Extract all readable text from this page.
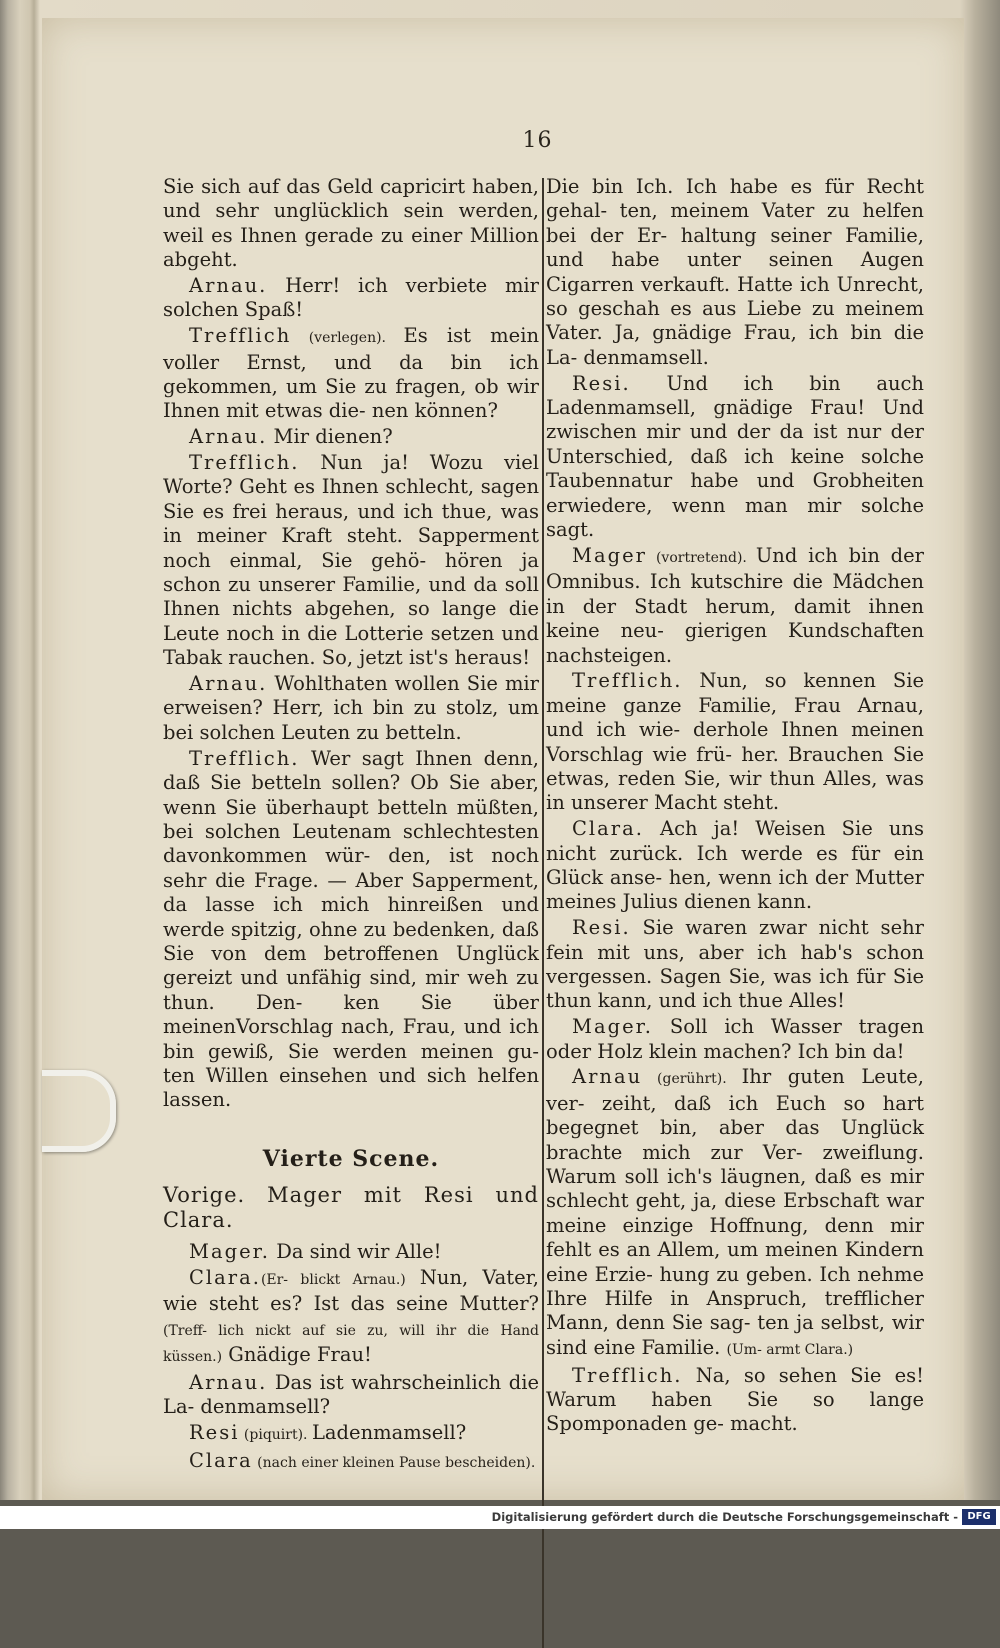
16

Sie sich auf das Geld capricirt haben, und sehr unglücklich sein werden, weil es Ihnen gerade zu einer Million abgeht.

Arnau. Herr! ich verbiete mir solchen Spaß!

Trefflich (verlegen). Es ist mein voller Ernst, und da bin ich gekommen, um Sie zu fragen, ob wir Ihnen mit etwas die- nen können?

Arnau. Mir dienen?

Trefflich. Nun ja! Wozu viel Worte? Geht es Ihnen schlecht, sagen Sie es frei heraus, und ich thue, was in meiner Kraft steht. Sapperment noch einmal, Sie gehö- hören ja schon zu unserer Familie, und da soll Ihnen nichts abgehen, so lange die Leute noch in die Lotterie setzen und Tabak rauchen. So, jetzt ist's heraus!

Arnau. Wohlthaten wollen Sie mir erweisen? Herr, ich bin zu stolz, um bei solchen Leuten zu betteln.

Trefflich. Wer sagt Ihnen denn, daß Sie betteln sollen? Ob Sie aber, wenn Sie überhaupt betteln müßten, bei solchen Leutenam schlechtesten davonkommen wür- den, ist noch sehr die Frage. — Aber Sapperment, da lasse ich mich hinreißen und werde spitzig, ohne zu bedenken, daß Sie von dem betroffenen Unglück gereizt und unfähig sind, mir weh zu thun. Den- ken Sie über meinenVorschlag nach, Frau, und ich bin gewiß, Sie werden meinen gu- ten Willen einsehen und sich helfen lassen.

Vierte Scene.
Vorige. Mager mit Resi und Clara.

Mager. Da sind wir Alle!

Clara.(Er- blickt Arnau.) Nun, Vater, wie steht es? Ist das seine Mutter? (Treff- lich nickt auf sie zu, will ihr die Hand küssen.) Gnädige Frau!

Arnau. Das ist wahrscheinlich die La- denmamsell?

Resi (piquirt). Ladenmamsell?

Clara (nach einer kleinen Pause bescheiden).

Die bin Ich. Ich habe es für Recht gehal- ten, meinem Vater zu helfen bei der Er- haltung seiner Familie, und habe unter seinen Augen Cigarren verkauft. Hatte ich Unrecht, so geschah es aus Liebe zu meinem Vater. Ja, gnädige Frau, ich bin die La- denmamsell.

Resi. Und ich bin auch Ladenmamsell, gnädige Frau! Und zwischen mir und der da ist nur der Unterschied, daß ich keine solche Taubennatur habe und Grobheiten erwiedere, wenn man mir solche sagt.

Mager (vortretend). Und ich bin der Omnibus. Ich kutschire die Mädchen in der Stadt herum, damit ihnen keine neu- gierigen Kundschaften nachsteigen.

Trefflich. Nun, so kennen Sie meine ganze Familie, Frau Arnau, und ich wie- derhole Ihnen meinen Vorschlag wie frü- her. Brauchen Sie etwas, reden Sie, wir thun Alles, was in unserer Macht steht.

Clara. Ach ja! Weisen Sie uns nicht zurück. Ich werde es für ein Glück anse- hen, wenn ich der Mutter meines Julius dienen kann.

Resi. Sie waren zwar nicht sehr fein mit uns, aber ich hab's schon vergessen. Sagen Sie, was ich für Sie thun kann, und ich thue Alles!

Mager. Soll ich Wasser tragen oder Holz klein machen? Ich bin da!

Arnau (gerührt). Ihr guten Leute, ver- zeiht, daß ich Euch so hart begegnet bin, aber das Unglück brachte mich zur Ver- zweiflung. Warum soll ich's läugnen, daß es mir schlecht geht, ja, diese Erbschaft war meine einzige Hoffnung, denn mir fehlt es an Allem, um meinen Kindern eine Erzie- hung zu geben. Ich nehme Ihre Hilfe in Anspruch, trefflicher Mann, denn Sie sag- ten ja selbst, wir sind eine Familie. (Um- armt Clara.)

Trefflich. Na, so sehen Sie es! Warum haben Sie so lange Spomponaden ge- macht.

Digitalisierung gefördert durch die Deutsche Forschungsgemeinschaft - DFG
